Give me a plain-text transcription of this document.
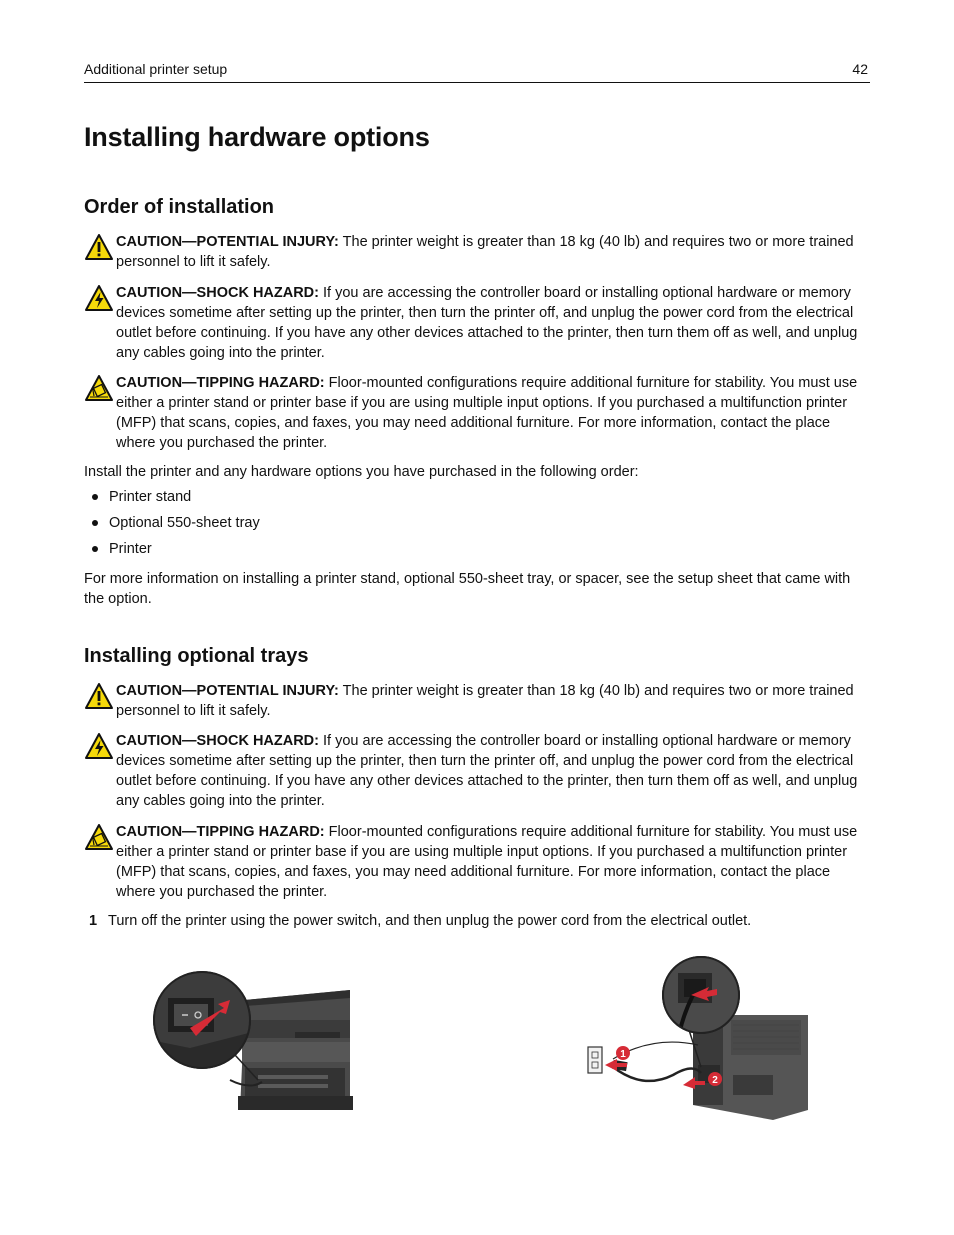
Additional printer setup	42
Installing hardware options
Order of installation
CAUTION—POTENTIAL INJURY: The printer weight is greater than 18 kg (40 lb) and requires two or more trained personnel to lift it safely.
CAUTION—SHOCK HAZARD: If you are accessing the controller board or installing optional hardware or memory devices sometime after setting up the printer, then turn the printer off, and unplug the power cord from the electrical outlet before continuing. If you have any other devices attached to the printer, then turn them off as well, and unplug any cables going into the printer.
CAUTION—TIPPING HAZARD: Floor-mounted configurations require additional furniture for stability. You must use either a printer stand or printer base if you are using multiple input options. If you purchased a multifunction printer (MFP) that scans, copies, and faxes, you may need additional furniture. For more information, contact the place where you purchased the printer.

Install the printer and any hardware options you have purchased in the following order:

Printer stand
Optional 550-sheet tray
Printer

For more information on installing a printer stand, optional 550-sheet tray, or spacer, see the setup sheet that came with the option.

Installing optional trays
CAUTION—POTENTIAL INJURY: The printer weight is greater than 18 kg (40 lb) and requires two or more trained personnel to lift it safely.
CAUTION—SHOCK HAZARD: If you are accessing the controller board or installing optional hardware or memory devices sometime after setting up the printer, then turn the printer off, and unplug the power cord from the electrical outlet before continuing. If you have any other devices attached to the printer, then turn them off as well, and unplug any cables going into the printer.
CAUTION—TIPPING HAZARD: Floor-mounted configurations require additional furniture for stability. You must use either a printer stand or printer base if you are using multiple input options. If you purchased a multifunction printer (MFP) that scans, copies, and faxes, you may need additional furniture. For more information, contact the place where you purchased the printer.
1 Turn off the printer using the power switch, and then unplug the power cord from the electrical outlet.
1
2
